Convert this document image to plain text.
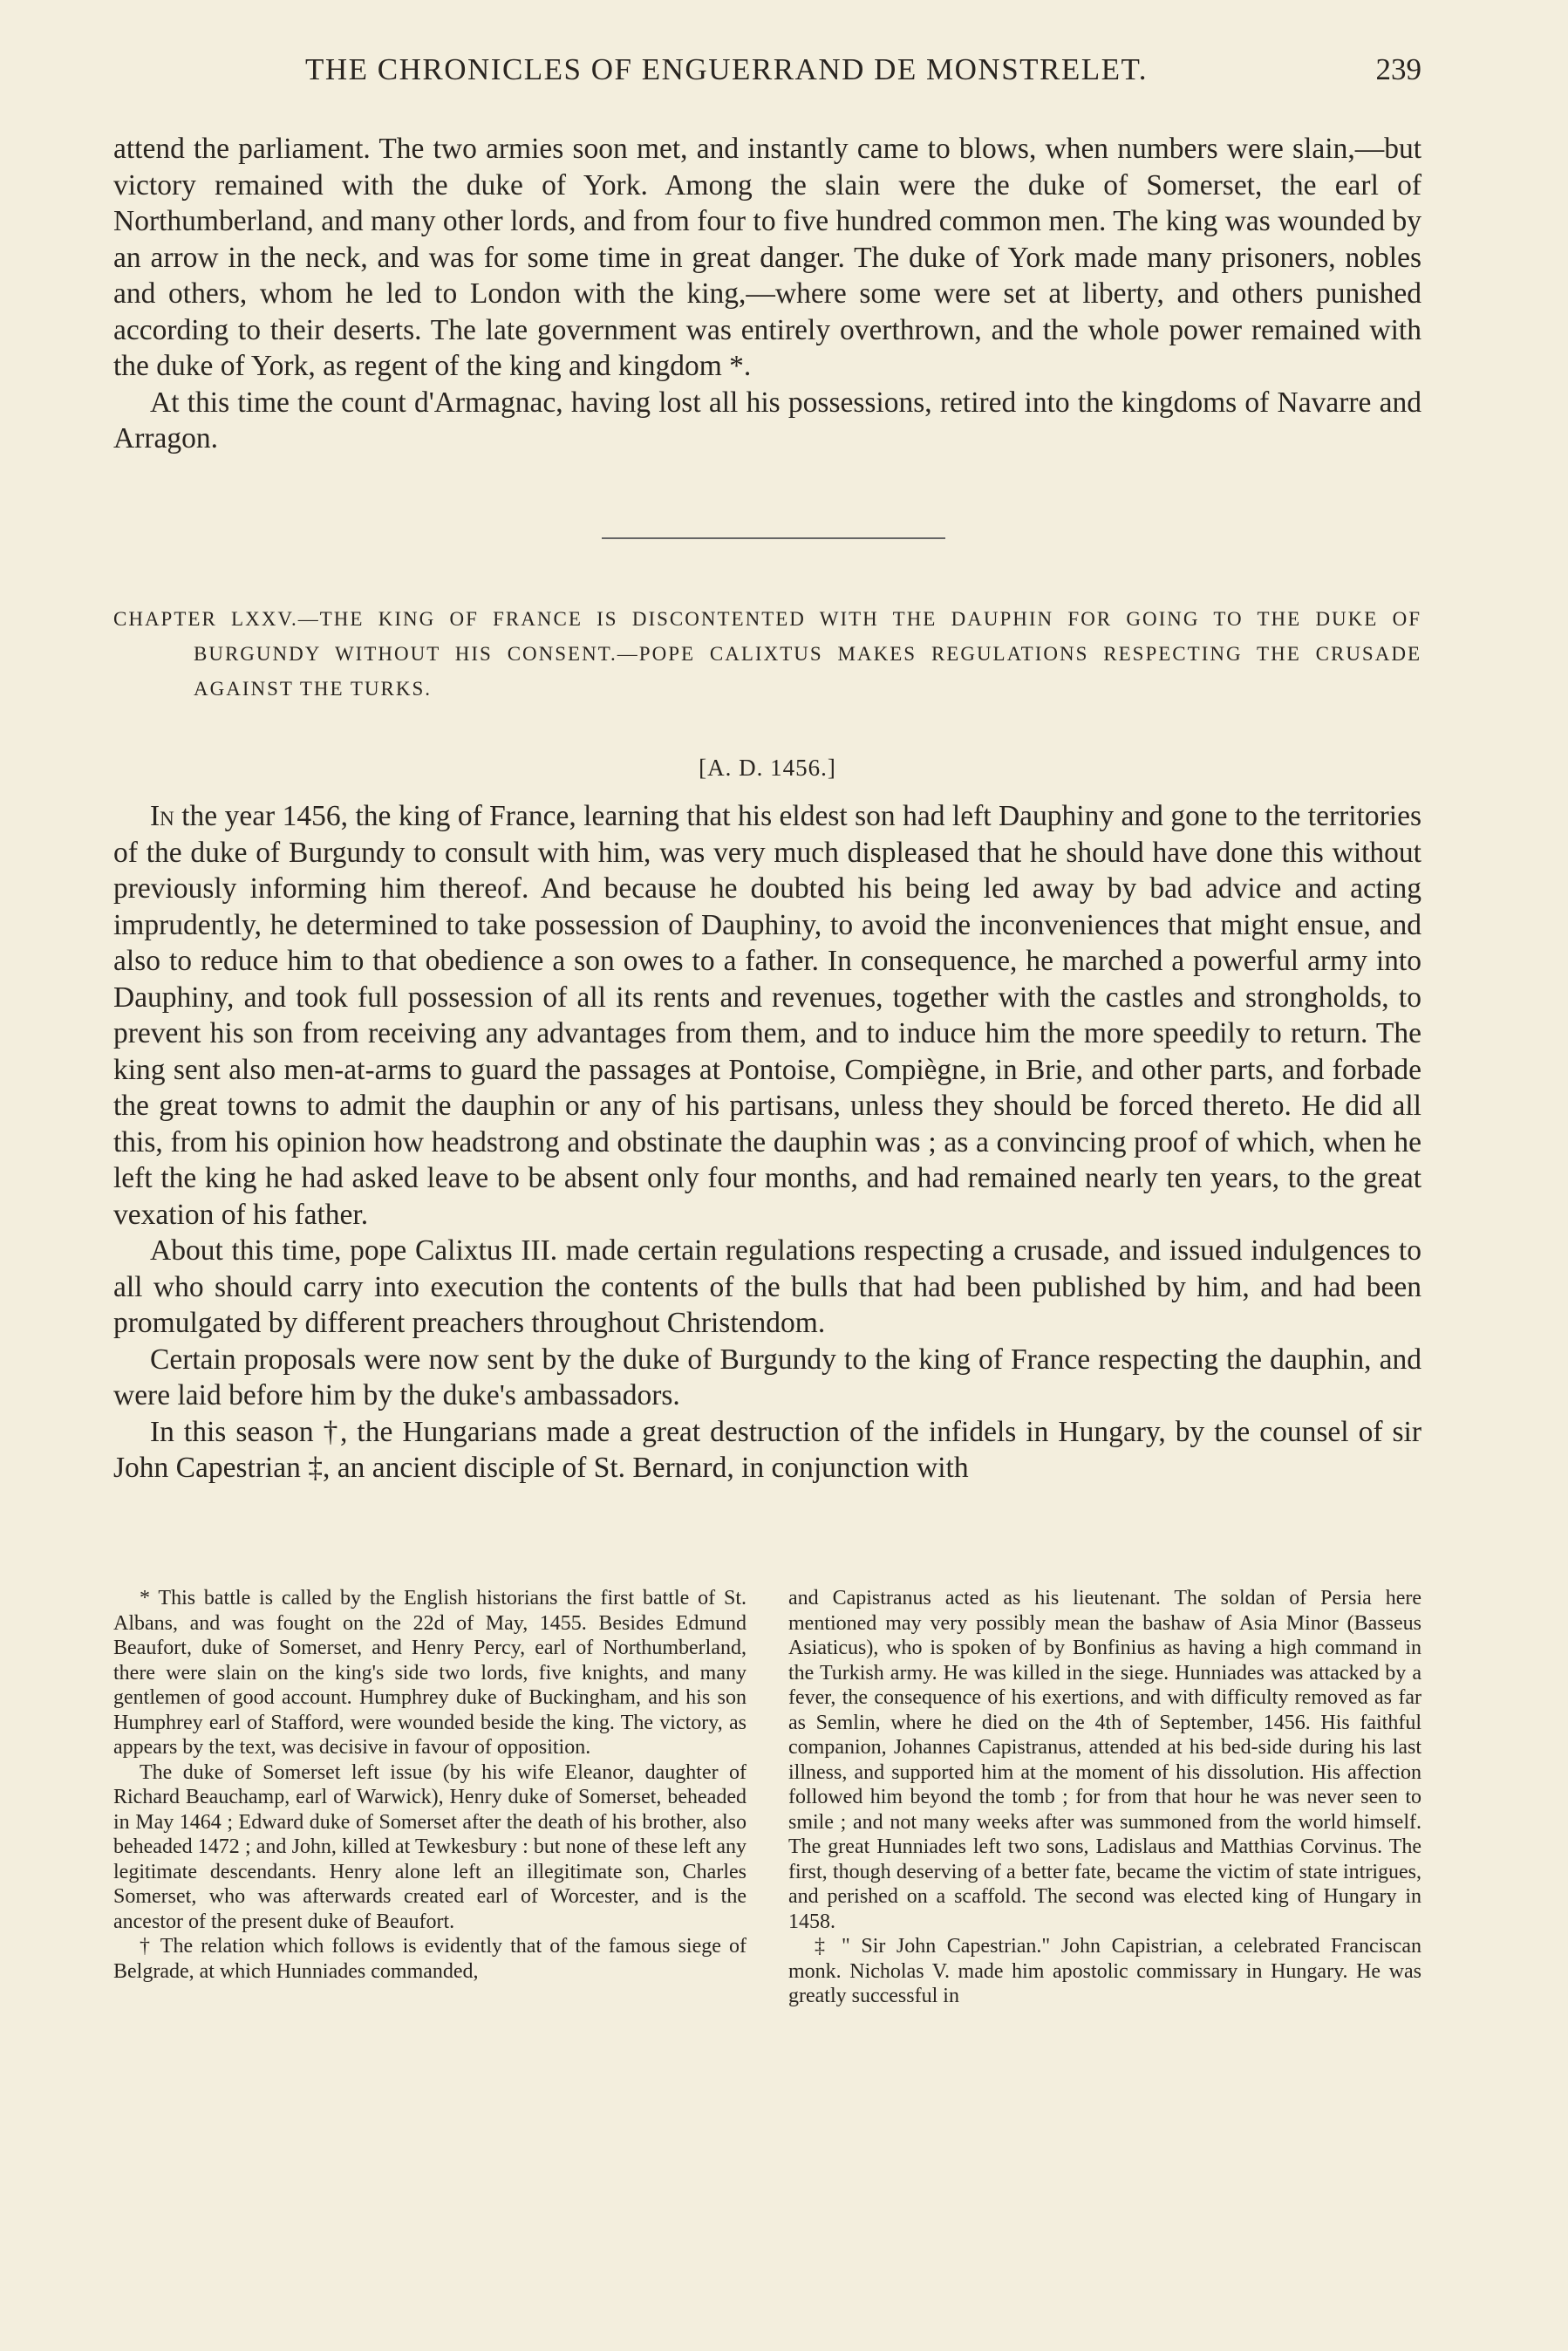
THE CHRONICLES OF ENGUERRAND DE MONSTRELET.	239

attend the parliament. The two armies soon met, and instantly came to blows, when numbers were slain,—but victory remained with the duke of York. Among the slain were the duke of Somerset, the earl of Northumberland, and many other lords, and from four to five hundred common men. The king was wounded by an arrow in the neck, and was for some time in great danger. The duke of York made many prisoners, nobles and others, whom he led to London with the king,—where some were set at liberty, and others punished according to their deserts. The late government was entirely overthrown, and the whole power remained with the duke of York, as regent of the king and kingdom *.

At this time the count d'Armagnac, having lost all his possessions, retired into the kingdoms of Navarre and Arragon.

CHAPTER LXXV.—THE KING OF FRANCE IS DISCONTENTED WITH THE DAUPHIN FOR GOING TO THE DUKE OF BURGUNDY WITHOUT HIS CONSENT.—POPE CALIXTUS MAKES REGULATIONS RESPECTING THE CRUSADE AGAINST THE TURKS.

[A. D. 1456.]

In the year 1456, the king of France, learning that his eldest son had left Dauphiny and gone to the territories of the duke of Burgundy to consult with him, was very much displeased that he should have done this without previously informing him thereof. And because he doubted his being led away by bad advice and acting imprudently, he determined to take possession of Dauphiny, to avoid the inconveniences that might ensue, and also to reduce him to that obedience a son owes to a father. In consequence, he marched a powerful army into Dauphiny, and took full possession of all its rents and revenues, together with the castles and strongholds, to prevent his son from receiving any advantages from them, and to induce him the more speedily to return. The king sent also men-at-arms to guard the passages at Pontoise, Compiègne, in Brie, and other parts, and forbade the great towns to admit the dauphin or any of his partisans, unless they should be forced thereto. He did all this, from his opinion how headstrong and obstinate the dauphin was ; as a convincing proof of which, when he left the king he had asked leave to be absent only four months, and had remained nearly ten years, to the great vexation of his father.

About this time, pope Calixtus III. made certain regulations respecting a crusade, and issued indulgences to all who should carry into execution the contents of the bulls that had been published by him, and had been promulgated by different preachers throughout Christendom.

Certain proposals were now sent by the duke of Burgundy to the king of France respecting the dauphin, and were laid before him by the duke's ambassadors.

In this season †, the Hungarians made a great destruction of the infidels in Hungary, by the counsel of sir John Capestrian ‡, an ancient disciple of St. Bernard, in conjunction with

* This battle is called by the English historians the first battle of St. Albans, and was fought on the 22d of May, 1455. Besides Edmund Beaufort, duke of Somerset, and Henry Percy, earl of Northumberland, there were slain on the king's side two lords, five knights, and many gentlemen of good account. Humphrey duke of Buckingham, and his son Humphrey earl of Stafford, were wounded beside the king. The victory, as appears by the text, was decisive in favour of opposition.

The duke of Somerset left issue (by his wife Eleanor, daughter of Richard Beauchamp, earl of Warwick), Henry duke of Somerset, beheaded in May 1464 ; Edward duke of Somerset after the death of his brother, also beheaded 1472 ; and John, killed at Tewkesbury : but none of these left any legitimate descendants. Henry alone left an illegitimate son, Charles Somerset, who was afterwards created earl of Worcester, and is the ancestor of the present duke of Beaufort.

† The relation which follows is evidently that of the famous siege of Belgrade, at which Hunniades commanded,

and Capistranus acted as his lieutenant. The soldan of Persia here mentioned may very possibly mean the bashaw of Asia Minor (Basseus Asiaticus), who is spoken of by Bonfinius as having a high command in the Turkish army. He was killed in the siege. Hunniades was attacked by a fever, the consequence of his exertions, and with difficulty removed as far as Semlin, where he died on the 4th of September, 1456. His faithful companion, Johannes Capistranus, attended at his bed-side during his last illness, and supported him at the moment of his dissolution. His affection followed him beyond the tomb ; for from that hour he was never seen to smile ; and not many weeks after was summoned from the world himself. The great Hunniades left two sons, Ladislaus and Matthias Corvinus. The first, though deserving of a better fate, became the victim of state intrigues, and perished on a scaffold. The second was elected king of Hungary in 1458.

‡ " Sir John Capestrian." John Capistrian, a celebrated Franciscan monk. Nicholas V. made him apostolic commissary in Hungary. He was greatly successful in
